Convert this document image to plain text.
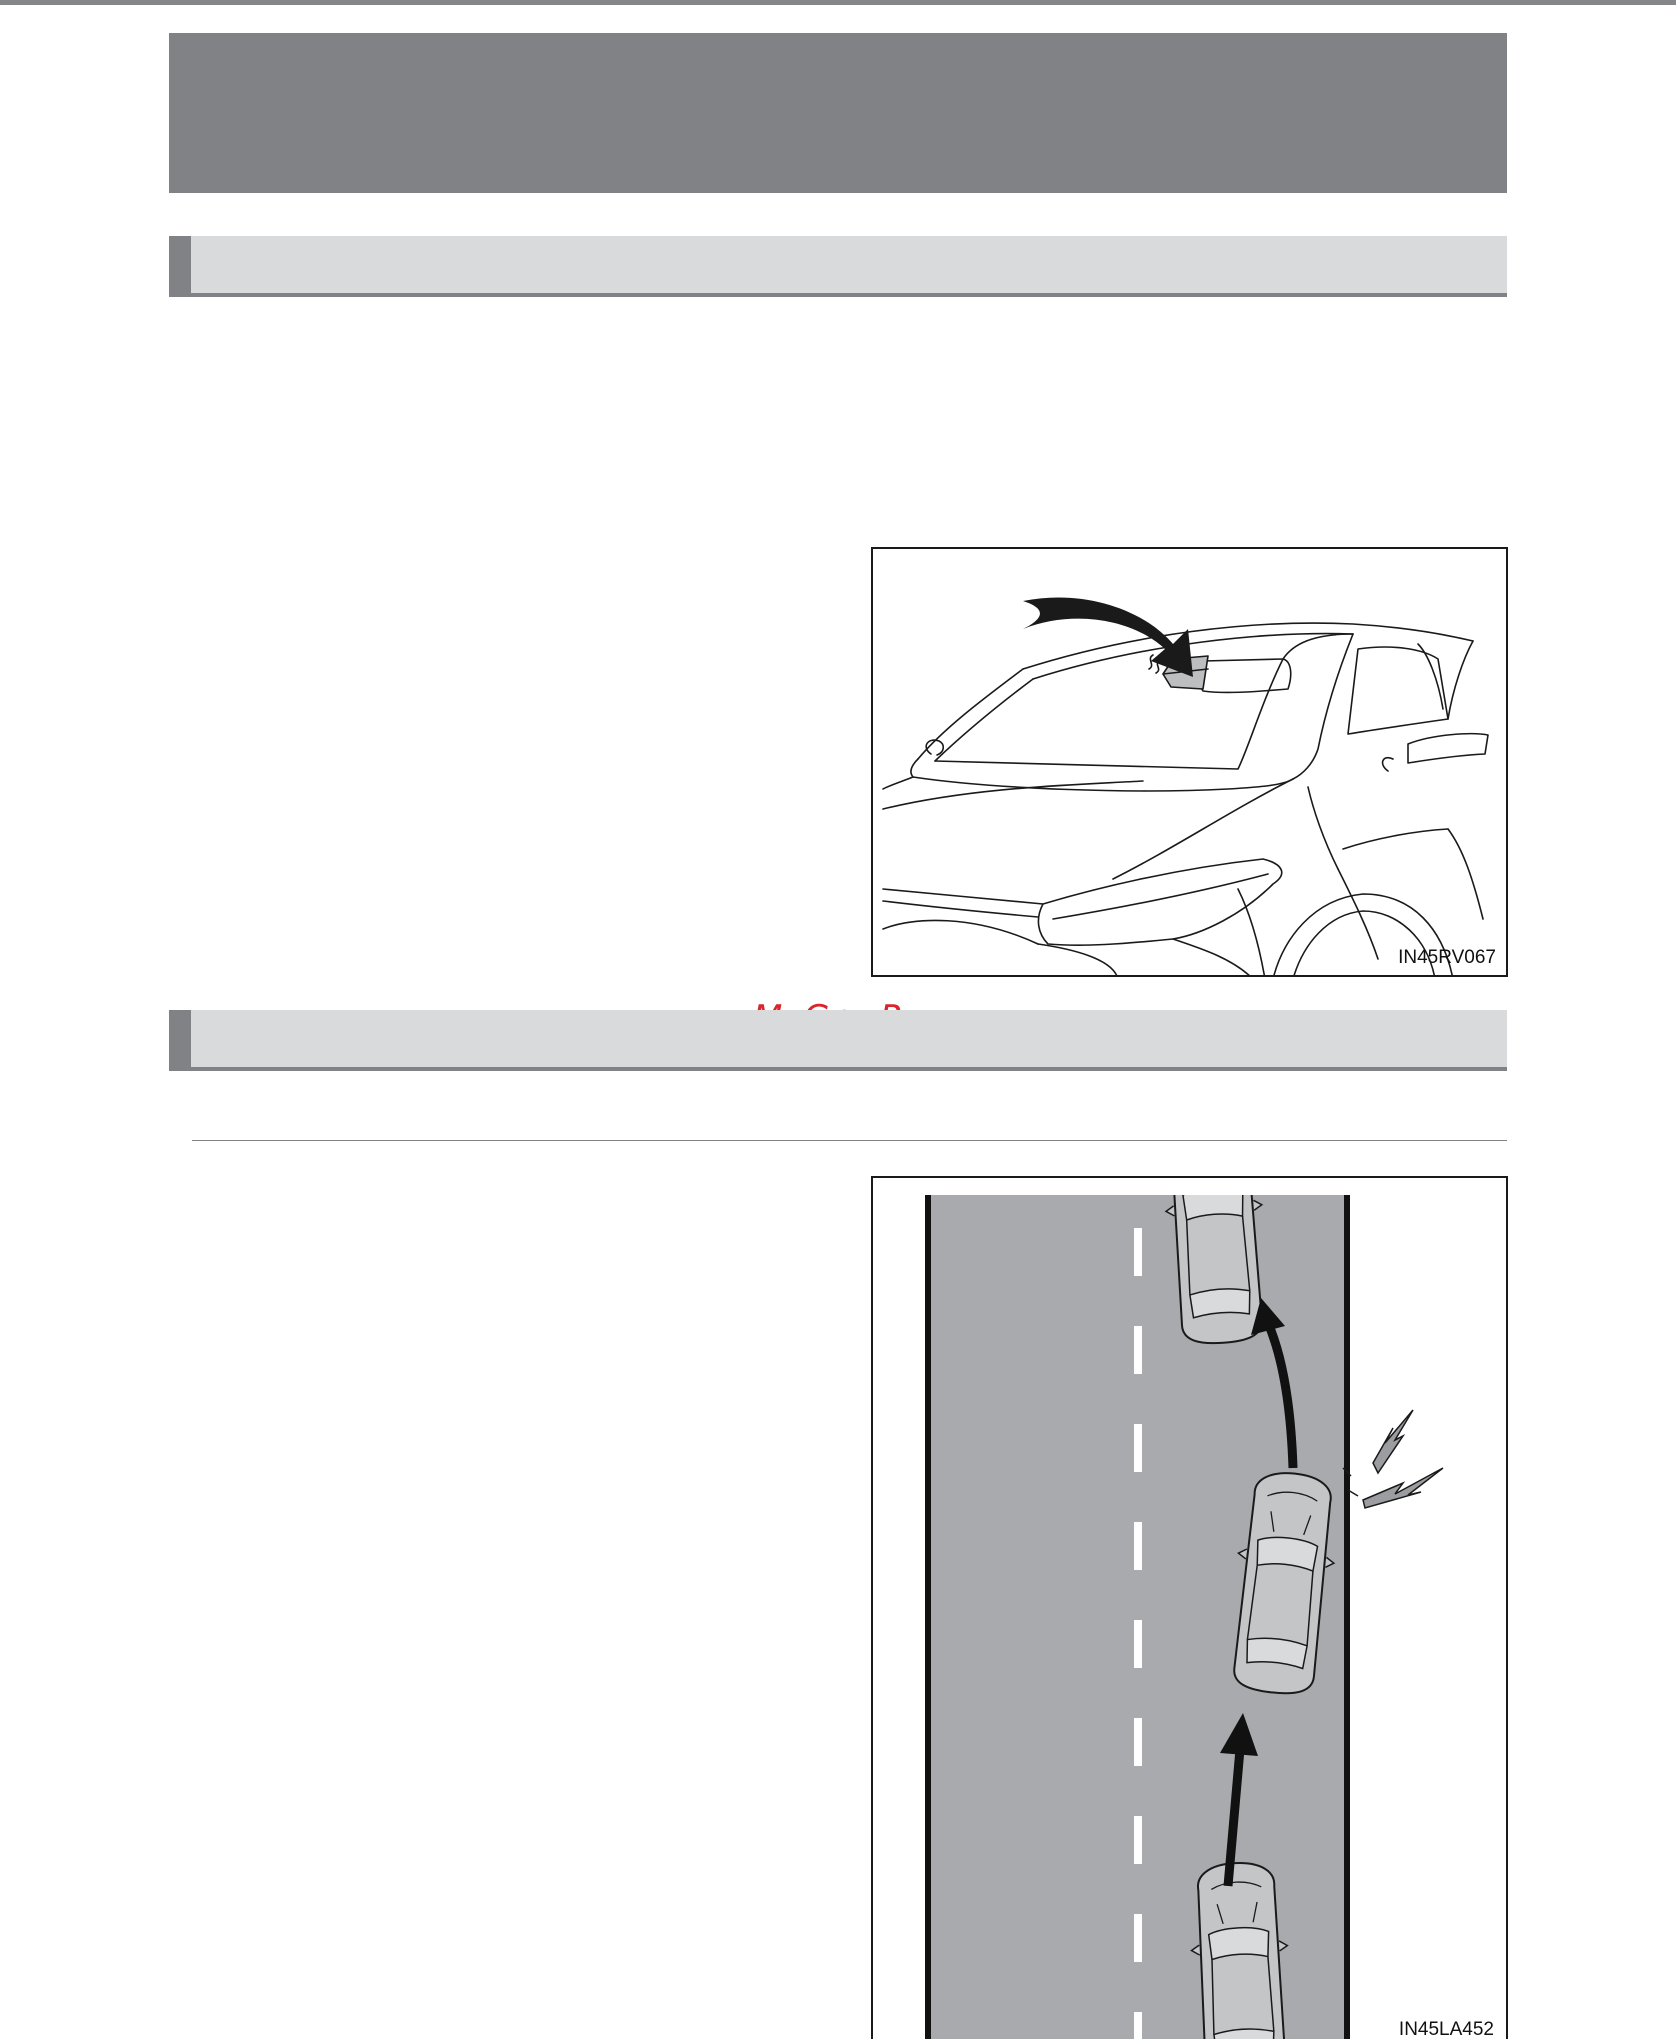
IN45RV067
IN45LA452
